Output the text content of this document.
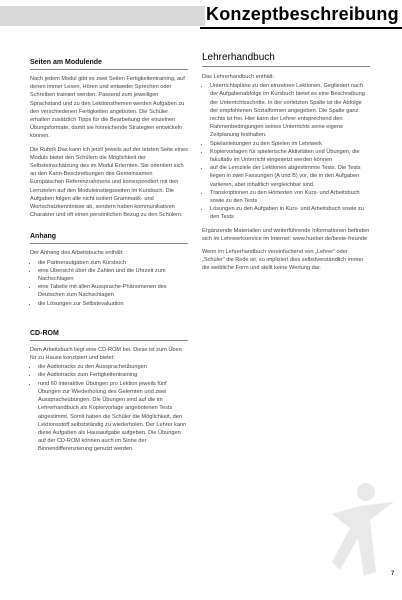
Konzeptbeschreibung
Seiten am Modulende

Nach jedem Modul gibt es zwei Seiten Fertigkeitentraining, auf denen immer Lesen, Hören und entweder Sprechen oder Schreiben trainiert werden. Passend zum jeweiligen Sprachstand und zu den Lektionsthemen werden Aufgaben zu den verschiedenen Fertigkeiten angeboten. Die Schüler erhalten zusätzlich Tipps für die Bearbeitung der einzelnen Übungsformate, damit sie hinreichende Strategien entwickeln können.

Die Rubrik Das kann ich jetzt! jeweils auf der letzten Seite eines Moduls bietet den Schülern die Möglichkeit der Selbsteinschätzung des im Modul Erlernten. Sie orientiert sich an den Kann-Beschreibungen des Gemeinsamen Europäischen Referenzrahmens und korrespondiert mit den Lernzielen auf den Moduleinstiegsseiten im Kursbuch. Die Aufgaben folgen alle nicht isoliert Grammatik- und Wortschatzkenntnisse ab, sondern haben kommunikativen Charakter und oft einen persönlichen Bezug zu den Schülern.

Anhang

Der Anhang des Arbeitsbuchs enthält:

• die Partnerautgaben zum Kursbuch
• eine Übersicht über die Zahlen und die Uhrzeit zum Nachschlagen
• eine Tabelle mit allen Aussprache-Phänomenen des Deutschen zum Nachschlagen
• die Lösungen zur Selbstevaluation
CD-ROM

Dem Arbeitsbuch liegt eine CD-ROM bei. Diese ist zum Üben für zu Hause konzipiert und bietet:

• die Audiotracks zu den Ausspracheübungen
• die Audiotracks zum Fertigkeitentraining
• rund 60 interaktive Übungen pro Lektion jeweils fünf Übungen zur Wiederholung des Gelernten und zwei Ausspracheübungen. Die Übungen sind auf die im Lehrerhandbuch als Kopiervorlage angebotenen Tests abgestimmt. Somit haben die Schüler die Möglichkeit, den Lektionsstoff selbstständig zu wiederholen. Der Lehrer kann diese Aufgaben als Hausaufgabe aufgeben. Die Übungen auf der CD-ROM können auch im Sinne der Binnendifferenzierung genutzt werden.
Lehrerhandbuch

Das Lehrerhandbuch enthält:

• Unterrichtspläne zu den einzelnen Lektionen. Gegliedert nach der Aufgabenabfolge im Kursbuch bietet es eine Beschreibung der Unterrichtsschritte. In der vorletzten Spalte ist die Abfolge der empfohlenen Sozialformen angegeben. Die Spalte ganz rechts ist frei. Hier kann der Lehrer entsprechend den Rahmenbedingungen seines Unterrichts seine eigene Zeitplanung festhalten.
• Spielanleitungen zu den Spielen im Lehrwerk
• Kopiervorlagen für spielerische Aktivitäten und Übungen, die fakultativ im Unterricht eingesetzt werden können
• auf die Lernziele der Lektionen abgestimmte Tests. Die Tests liegen in zwei Fassungen (A und B) vor, die in den Aufgaben variieren, aber inhaltlich vergleichbar sind.
• Transkriptionen zu den Hörtexten von Kurs- und Arbeitsbuch sowie zu den Tests
• Lösungen zu den Aufgaben in Kurs- und Arbeitsbuch sowie zu den Tests

Ergänzende Materialien und weiterführende Informationen befinden sich im Lehrwerkservice im Internet: www.hueber.de/beste-freunde

Wenn im Lehrerhandbuch vereinfachend von „Lehrer“ oder „Schüler“ die Rede ist, so impliziert dies selbstverständlich immer die weibliche Form und stellt keine Wertung dar.

7
